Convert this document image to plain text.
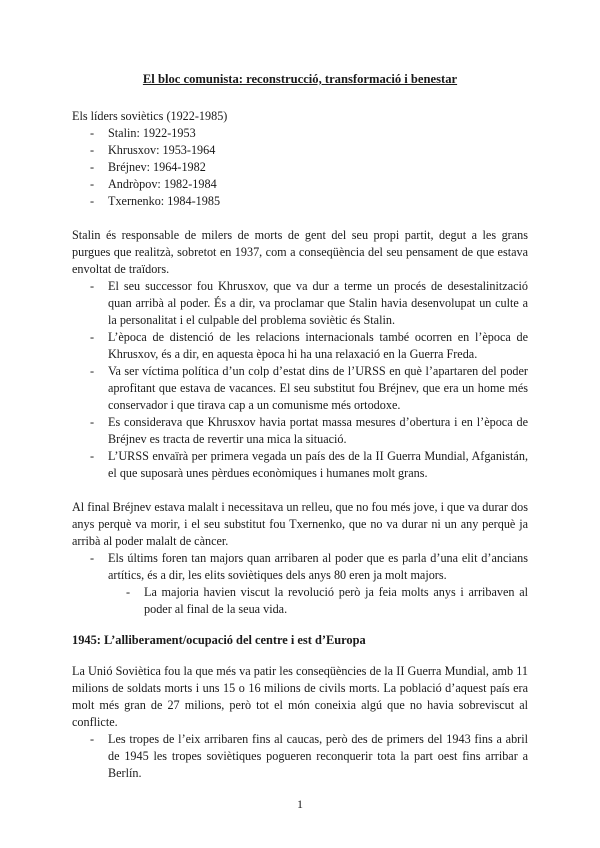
El bloc comunista: reconstrucció, transformació i benestar

Els líders soviètics (1922-1985)

- Stalin: 1922-1953
- Khrusxov: 1953-1964
- Bréjnev: 1964-1982
- Andròpov: 1982-1984
- Txernenko: 1984-1985

Stalin és responsable de milers de morts de gent del seu propi partit, degut a les grans purgues que realitzà, sobretot en 1937, com a conseqüència del seu pensament de que estava envoltat de traïdors.

- El seu successor fou Khrusxov, que va dur a terme un procés de desestalinització quan arribà al poder. És a dir, va proclamar que Stalin havia desenvolupat un culte a la personalitat i el culpable del problema soviètic és Stalin.
- L’època de distenció de les relacions internacionals també ocorren en l’època de Khrusxov, és a dir, en aquesta època hi ha una relaxació en la Guerra Freda.
- Va ser víctima política d’un colp d’estat dins de l’URSS en què l’apartaren del poder aprofitant que estava de vacances. El seu substitut fou Bréjnev, que era un home més conservador i que tirava cap a un comunisme més ortodoxe.
- Es considerava que Khrusxov havia portat massa mesures d’obertura i en l’època de Bréjnev es tracta de revertir una mica la situació.
- L’URSS envaïrà per primera vegada un país des de la II Guerra Mundial, Afganistán, el que suposarà unes pèrdues econòmiques i humanes molt grans.

Al final Bréjnev estava malalt i necessitava un relleu, que no fou més jove, i que va durar dos anys perquè va morir, i el seu substitut fou Txernenko, que no va durar ni un any perquè ja arribà al poder malalt de càncer.

- Els últims foren tan majors quan arribaren al poder que es parla d’una elit d’ancians artítics, és a dir, les elits soviètiques dels anys 80 eren ja molt majors.
- La majoria havien viscut la revolució però ja feia molts anys i arribaven al poder al final de la seua vida.
1945: L’alliberament/ocupació del centre i est d’Europa

La Unió Soviètica fou la que més va patir les conseqüències de la II Guerra Mundial, amb 11 milions de soldats morts i uns 15 o 16 milions de civils morts. La població d’aquest país era molt més gran de 27 milions, però tot el món coneixia algú que no havia sobreviscut al conflicte.

- Les tropes de l’eix arribaren fins al caucas, però des de primers del 1943 fins a abril de 1945 les tropes soviètiques pogueren reconquerir tota la part oest fins arribar a Berlín.
1
